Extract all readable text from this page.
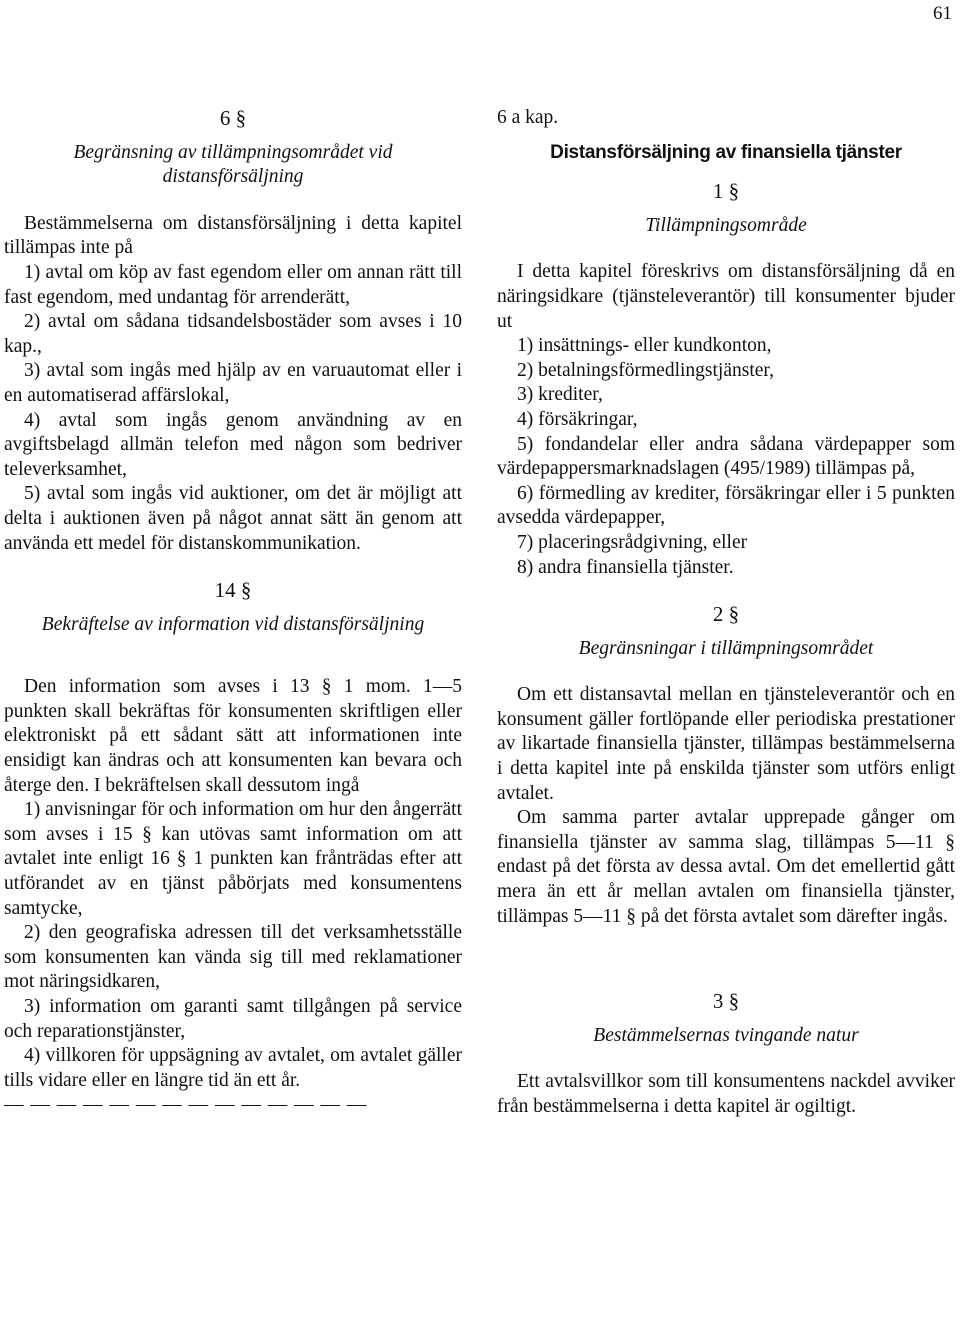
61

6 §

Begränsning av tillämpningsområdet vid distansförsäljning

Bestämmelserna om distansförsäljning i detta kapitel tillämpas inte på

1) avtal om köp av fast egendom eller om annan rätt till fast egendom, med undantag för arrenderätt,

2) avtal om sådana tidsandelsbostäder som avses i 10 kap.,

3) avtal som ingås med hjälp av en varuautomat eller i en automatiserad affärslokal,

4) avtal som ingås genom användning av en avgiftsbelagd allmän telefon med någon som bedriver televerksamhet,

5) avtal som ingås vid auktioner, om det är möjligt att delta i auktionen även på något annat sätt än genom att använda ett medel för distanskommunikation.

14 §

Bekräftelse av information vid distansförsäljning

Den information som avses i 13 § 1 mom. 1—5 punkten skall bekräftas för konsumenten skriftligen eller elektroniskt på ett sådant sätt att informationen inte ensidigt kan ändras och att konsumenten kan bevara och återge den. I bekräftelsen skall dessutom ingå

1) anvisningar för och information om hur den ångerrätt som avses i 15 § kan utövas samt information om att avtalet inte enligt 16 § 1 punkten kan frånträdas efter att utförandet av en tjänst påbörjats med konsumentens samtycke,

2) den geografiska adressen till det verksamhetsställe som konsumenten kan vända sig till med reklamationer mot näringsidkaren,

3) information om garanti samt tillgången på service och reparationstjänster,

4) villkoren för uppsägning av avtalet, om avtalet gäller tills vidare eller en längre tid än ett år.

— — — — — — — — — — — — — —

6 a kap.

Distansförsäljning av finansiella tjänster

1 §

Tillämpningsområde

I detta kapitel föreskrivs om distansförsäljning då en näringsidkare (tjänsteleverantör) till konsumenter bjuder ut

1) insättnings- eller kundkonton,

2) betalningsförmedlingstjänster,

3) krediter,

4) försäkringar,

5) fondandelar eller andra sådana värdepapper som värdepappersmarknadslagen (495/1989) tillämpas på,

6) förmedling av krediter, försäkringar eller i 5 punkten avsedda värdepapper,

7) placeringsrådgivning, eller

8) andra finansiella tjänster.

2 §

Begränsningar i tillämpningsområdet

Om ett distansavtal mellan en tjänsteleverantör och en konsument gäller fortlöpande eller periodiska prestationer av likartade finansiella tjänster, tillämpas bestämmelserna i detta kapitel inte på enskilda tjänster som utförs enligt avtalet.

Om samma parter avtalar upprepade gånger om finansiella tjänster av samma slag, tillämpas 5—11 § endast på det första av dessa avtal. Om det emellertid gått mera än ett år mellan avtalen om finansiella tjänster, tillämpas 5—11 § på det första avtalet som därefter ingås.

3 §

Bestämmelsernas tvingande natur

Ett avtalsvillkor som till konsumentens nackdel avviker från bestämmelserna i detta kapitel är ogiltigt.
